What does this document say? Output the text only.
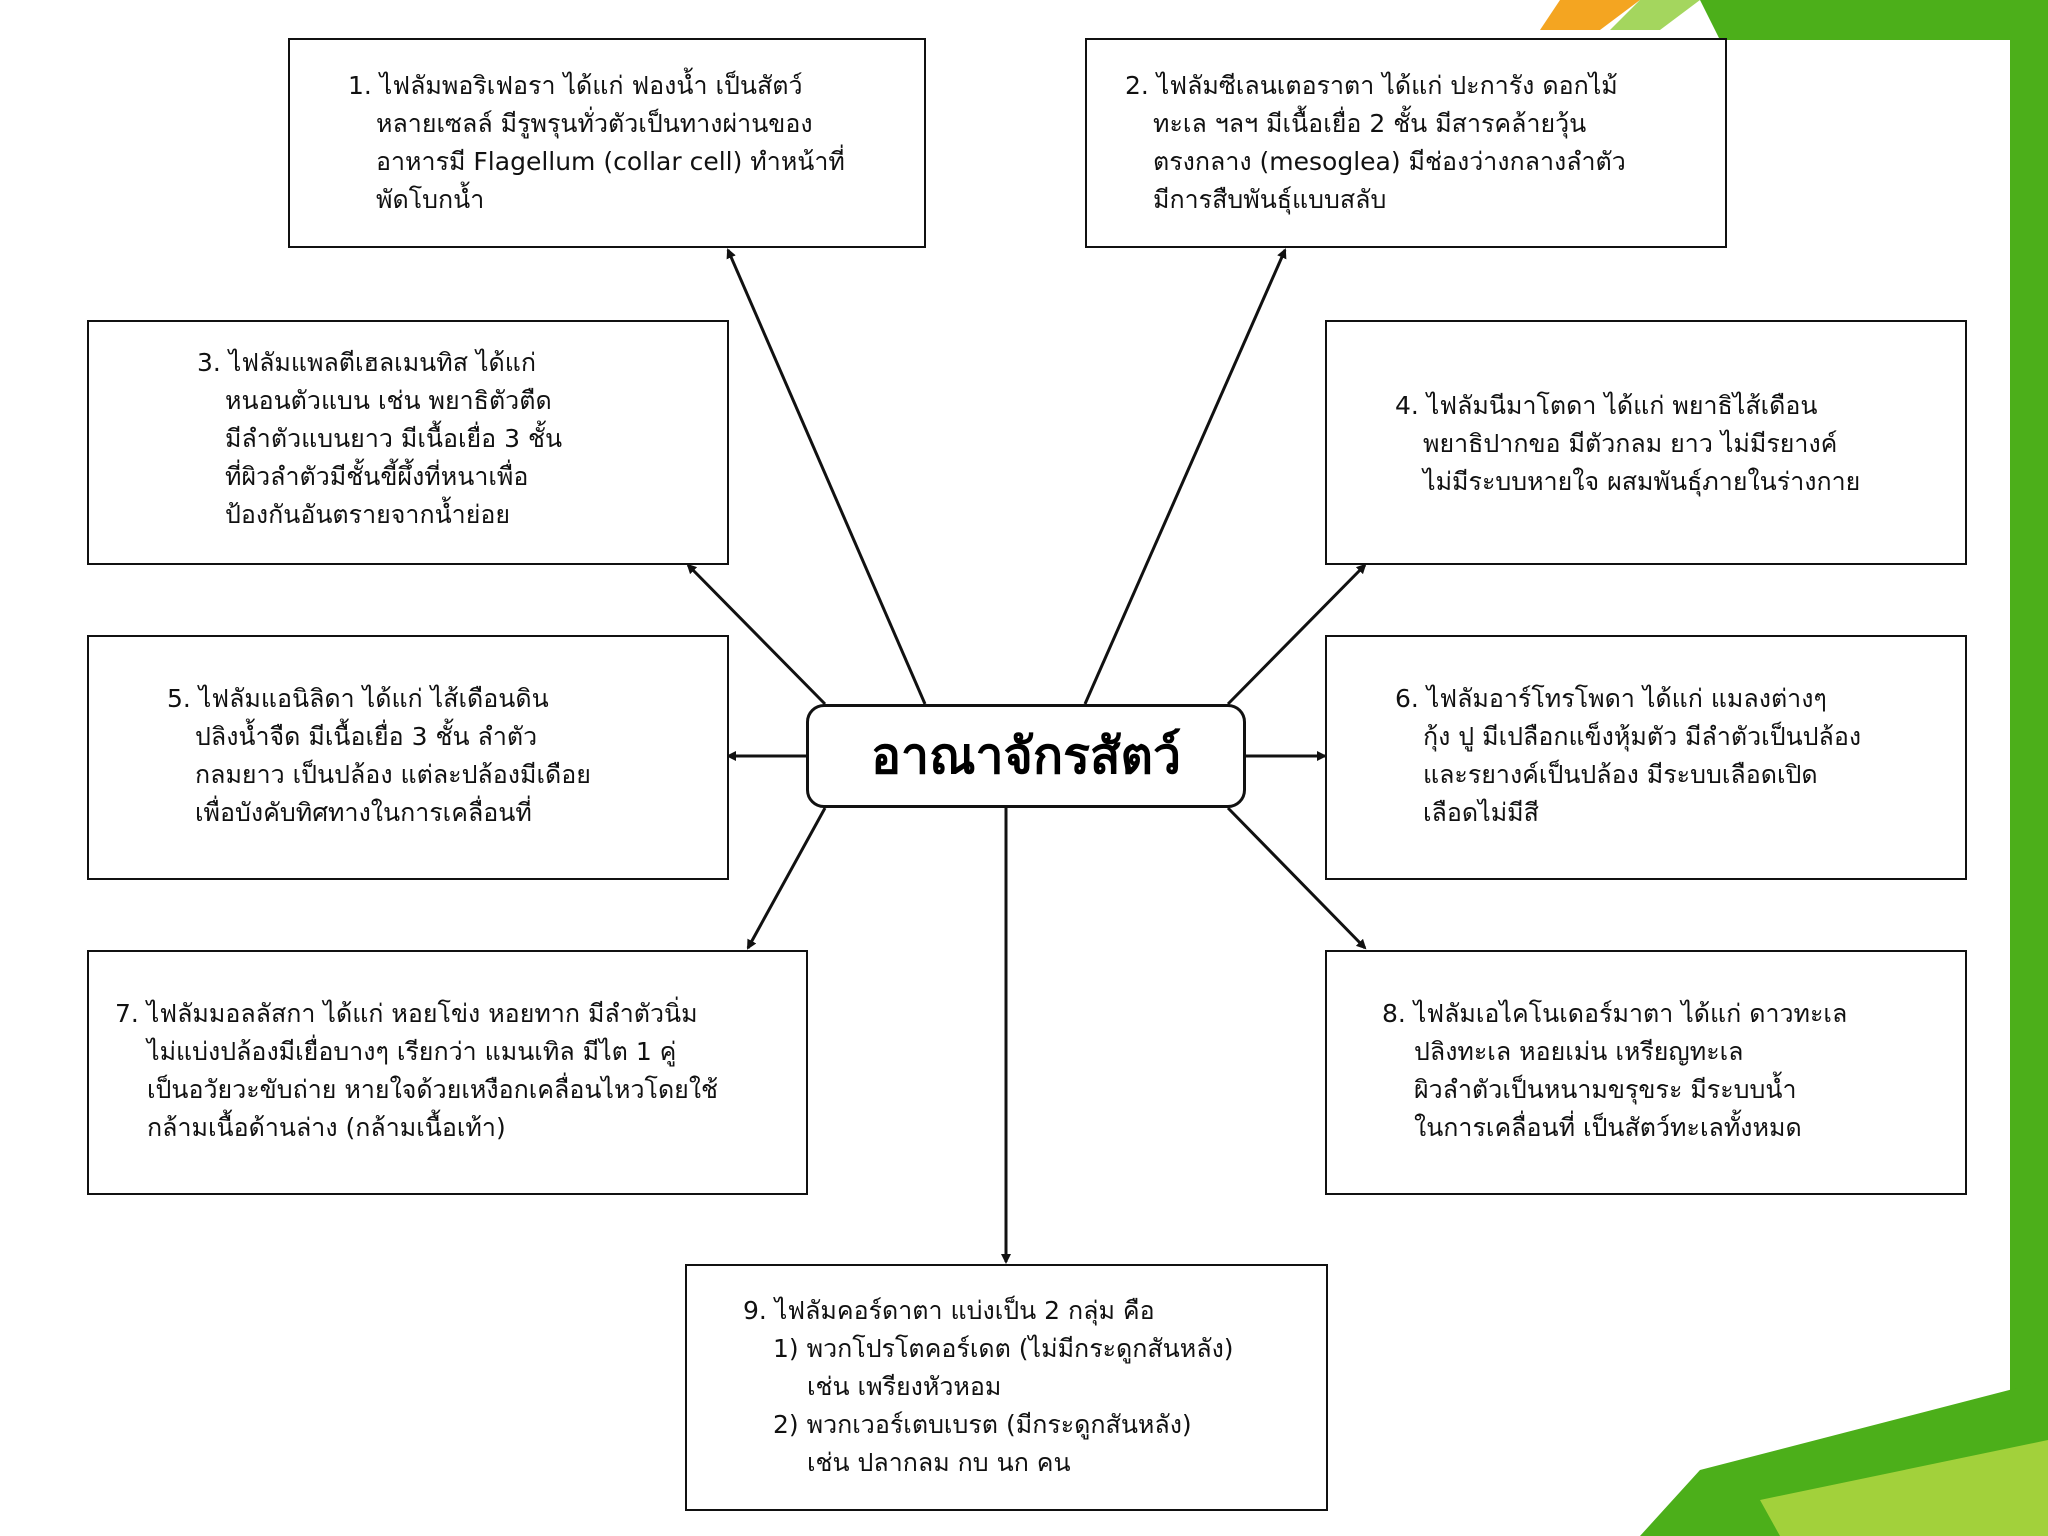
1. ไฟลัมพอริเฟอรา ได้แก่ ฟองน้ำ เป็นสัตว์
หลายเซลล์ มีรูพรุนทั่วตัวเป็นทางผ่านของ
อาหารมี Flagellum (collar cell) ทำหน้าที่
พัดโบกน้ำ
2. ไฟลัมซีเลนเตอราตา ได้แก่ ปะการัง ดอกไม้
ทะเล ฯลฯ มีเนื้อเยื่อ 2 ชั้น มีสารคล้ายวุ้น
ตรงกลาง (mesoglea) มีช่องว่างกลางลำตัว
มีการสืบพันธุ์แบบสลับ
3. ไฟลัมแพลตีเฮลเมนทิส ได้แก่
หนอนตัวแบน เช่น พยาธิตัวตืด
มีลำตัวแบนยาว มีเนื้อเยื่อ 3 ชั้น
ที่ผิวลำตัวมีชั้นขี้ผึ้งที่หนาเพื่อ
ป้องกันอันตรายจากน้ำย่อย
4. ไฟลัมนีมาโตดา ได้แก่ พยาธิไส้เดือน
พยาธิปากขอ มีตัวกลม ยาว ไม่มีรยางค์
ไม่มีระบบหายใจ ผสมพันธุ์ภายในร่างกาย
5. ไฟลัมแอนิลิดา ได้แก่ ไส้เดือนดิน
ปลิงน้ำจืด มีเนื้อเยื่อ 3 ชั้น ลำตัว
กลมยาว เป็นปล้อง แต่ละปล้องมีเดือย
เพื่อบังคับทิศทางในการเคลื่อนที่
6. ไฟลัมอาร์โทรโพดา ได้แก่ แมลงต่างๆ
กุ้ง ปู มีเปลือกแข็งหุ้มตัว มีลำตัวเป็นปล้อง
และรยางค์เป็นปล้อง มีระบบเลือดเปิด
เลือดไม่มีสี
7. ไฟลัมมอลลัสกา ได้แก่ หอยโข่ง หอยทาก มีลำตัวนิ่ม
ไม่แบ่งปล้องมีเยื่อบางๆ เรียกว่า แมนเทิล มีไต 1 คู่
เป็นอวัยวะขับถ่าย หายใจด้วยเหงือกเคลื่อนไหวโดยใช้
กล้ามเนื้อด้านล่าง (กล้ามเนื้อเท้า)
8. ไฟลัมเอไคโนเดอร์มาตา ได้แก่ ดาวทะเล
ปลิงทะเล หอยเม่น เหรียญทะเล
ผิวลำตัวเป็นหนามขรุขระ มีระบบน้ำ
ในการเคลื่อนที่ เป็นสัตว์ทะเลทั้งหมด
9. ไฟลัมคอร์ดาตา แบ่งเป็น 2 กลุ่ม คือ
1) พวกโปรโตคอร์เดต (ไม่มีกระดูกสันหลัง)
เช่น เพรียงหัวหอม
2) พวกเวอร์เตบเบรต (มีกระดูกสันหลัง)
เช่น ปลากลม กบ นก คน
อาณาจักรสัตว์
